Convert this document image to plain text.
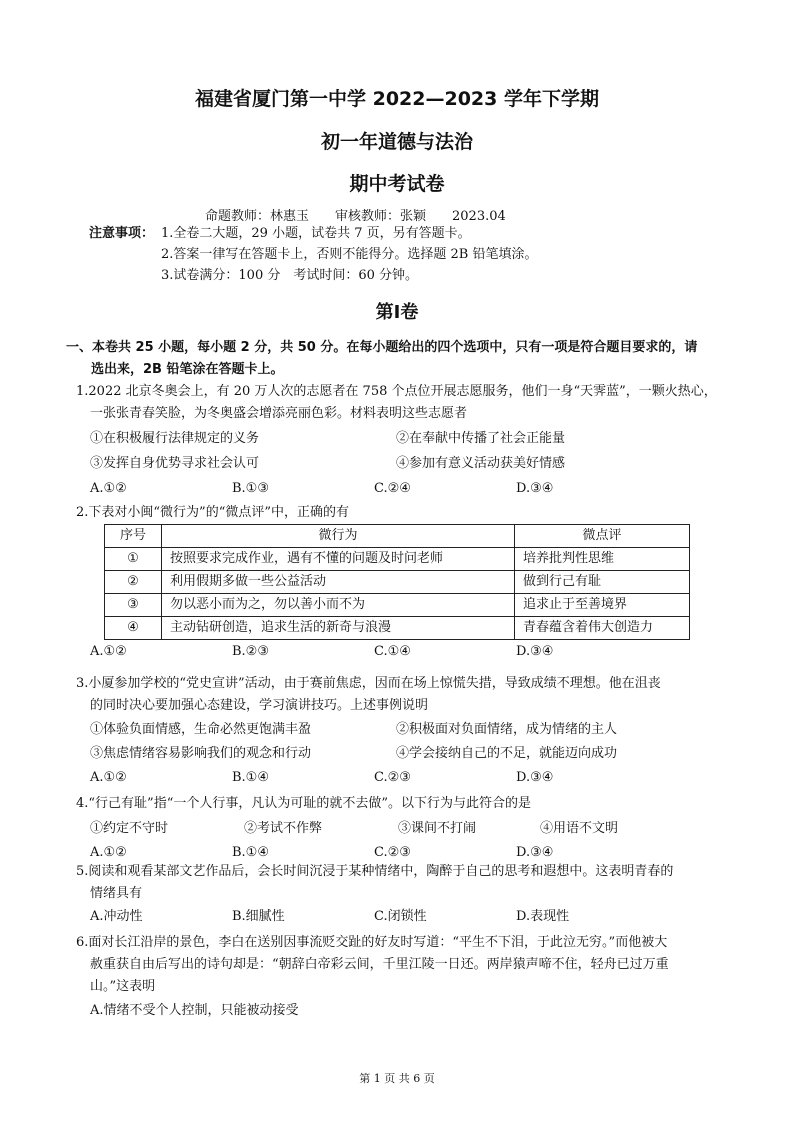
福建省厦门第一中学 2022—2023 学年下学期
初一年道德与法治
期中考试卷
命题教师：林惠玉　　审核教师：张颖　　2023.04
注意事项： 1.全卷二大题，29 小题，试卷共 7 页，另有答题卡。
2.答案一律写在答题卡上，否则不能得分。选择题 2B 铅笔填涂。
3.试卷满分：100 分　考试时间：60 分钟。
第Ⅰ卷
一、本卷共 25 小题，每小题 2 分，共 50 分。在每小题给出的四个选项中，只有一项是符合题目要求的，请
选出来，2B 铅笔涂在答题卡上。
1.2022 北京冬奥会上，有 20 万人次的志愿者在 758 个点位开展志愿服务，他们一身“天霁蓝”，一颗火热心，
一张张青春笑脸，为冬奥盛会增添亮丽色彩。材料表明这些志愿者
①在积极履行法律规定的义务	②在奉献中传播了社会正能量
③发挥自身优势寻求社会认可	④参加有意义活动获美好情感
A.①②	B.①③	C.②④	D.③④
2.下表对小闽“微行为”的“微点评”中，正确的有
序号	微行为	微点评
①	按照要求完成作业，遇有不懂的问题及时问老师	培养批判性思维
②	利用假期多做一些公益活动	做到行己有耻
③	勿以恶小而为之，勿以善小而不为	追求止于至善境界
④	主动钻研创造，追求生活的新奇与浪漫	青春蕴含着伟大创造力
A.①②	B.②③	C.①④	D.③④
3.小厦参加学校的“党史宣讲”活动，由于赛前焦虑，因而在场上惊慌失措，导致成绩不理想。他在沮丧
的同时决心要加强心态建设，学习演讲技巧。上述事例说明
①体验负面情感，生命必然更饱满丰盈	②积极面对负面情绪，成为情绪的主人
③焦虑情绪容易影响我们的观念和行动	④学会接纳自己的不足，就能迈向成功
A.①②	B.①④	C.②③	D.③④
4.“行己有耻”指“一个人行事，凡认为可耻的就不去做”。以下行为与此符合的是
①约定不守时	②考试不作弊	③课间不打闹	④用语不文明
A.①②	B.①④	C.②③	D.③④
5.阅读和观看某部文艺作品后，会长时间沉浸于某种情绪中，陶醉于自己的思考和遐想中。这表明青春的
情绪具有
A.冲动性	B.细腻性	C.闭锁性	D.表现性
6.面对长江沿岸的景色，李白在送别因事流贬交趾的好友时写道：“平生不下泪，于此泣无穷。”而他被大
赦重获自由后写出的诗句却是：“朝辞白帝彩云间，千里江陵一日还。两岸猿声啼不住，轻舟已过万重
山。”这表明
A.情绪不受个人控制，只能被动接受
第 1 页 共 6 页
